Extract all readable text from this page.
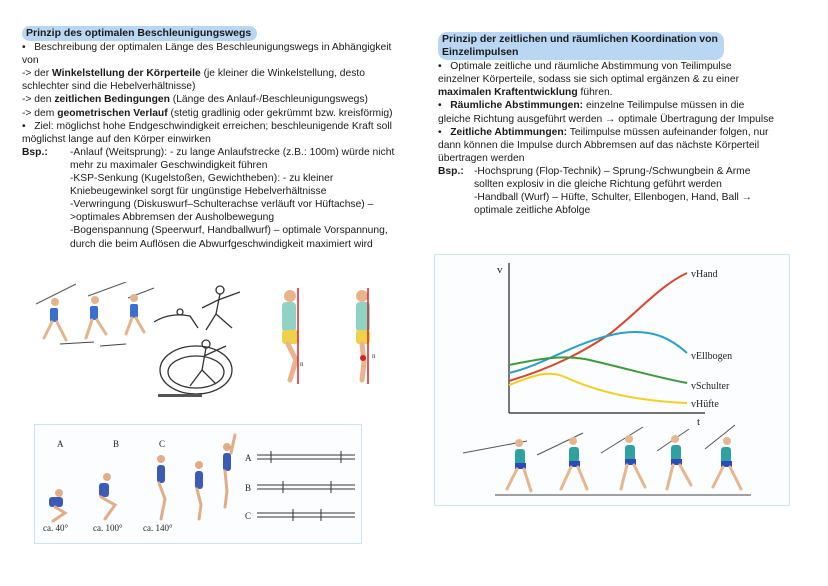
Prinzip des optimalen Beschleunigungswegs

•   Beschreibung der optimalen Länge des Beschleunigungswegs in Abhängigkeit von

-> der Winkelstellung der Körperteile (je kleiner die Winkelstellung, desto schlechter sind die Hebelverhältnisse)

-> den zeitlichen Bedingungen (Länge des Anlauf-/Beschleunigungswegs)

-> dem geometrischen Verlauf (stetig gradlinig oder gekrümmt bzw. kreisförmig)

•   Ziel: möglichst hohe Endgeschwindigkeit erreichen; beschleunigende Kraft soll möglichst lange auf den Körper einwirken

Bsp.:	-Anlauf (Weitsprung): - zu lange Anlaufstrecke (z.B.: 100m) würde nicht mehr zu maximaler Geschwindigkeit führen
-KSP-Senkung (Kugelstoßen, Gewichtheben): - zu kleiner Kniebeugewinkel sorgt für ungünstige Hebelverhältnisse
-Verwringung (Diskuswurf–Schulterachse verläuft vor Hüftachse) –>optimales Abbremsen der Ausholbewegung
-Bogenspannung (Speerwurf, Handballwurf) – optimale Vorspannung, durch die beim Auflösen die Abwurfgeschwindigkeit maximiert wird
Prinzip der zeitlichen und räumlichen Koordination von
Einzelimpulsen

•   Optimale zeitliche und räumliche Abstimmung von Teilimpulse einzelner Körperteile, sodass sie sich optimal ergänzen & zu einer maximalen Kraftentwicklung führen.

•   Räumliche Abstimmungen: einzelne Teilimpulse müssen in die gleiche Richtung ausgeführt werden → optimale Übertragung der Impulse

•   Zeitliche Abtimmungen: Teilimpulse müssen aufeinander folgen, nur dann können die Impulse durch Abbremsen auf das nächste Körperteil übertragen werden

Bsp.: -Hochsprung (Flop-Technik) – Sprung-/Schwungbein & Arme sollten explosiv in die gleiche Richtung geführt werden
-Handball (Wurf) – Hüfte, Schulter, Ellenbogen, Hand, Ball → optimale zeitliche Abfolge
n
n
A	B	C
ca. 40°	ca. 100° ca. 140°
A
B
C
v
t
vHand
vEllbogen
vSchulter
vHüfte
